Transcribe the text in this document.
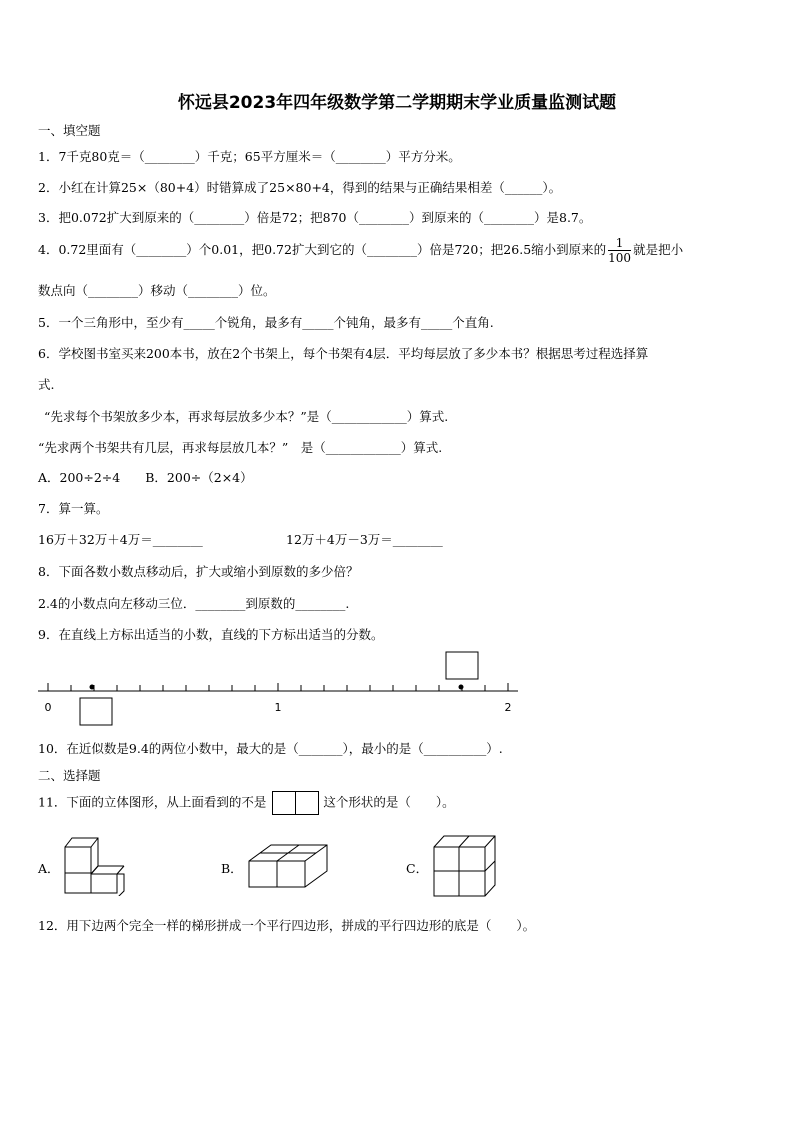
怀远县2023年四年级数学第二学期期末学业质量监测试题
一、填空题
1．7千克80克＝（________）千克；65平方厘米＝（________）平方分米。
2．小红在计算25×（80+4）时错算成了25×80+4，得到的结果与正确结果相差（______）。
3．把0.072扩大到原来的（________）倍是72；把870（________）到原来的（________）是8.7。
4．0.72里面有（________）个0.01，把0.72扩大到它的（________）倍是720；把26.5缩小到原来的 $\frac{1}{100}$ 就是把小
数点向（________）移动（________）位。
5．一个三角形中，至少有_____个锐角，最多有_____个钝角，最多有_____个直角.
6．学校图书室买来200本书，放在2个书架上，每个书架有4层．平均每层放了多少本书？根据思考过程选择算
式.
“先求每个书架放多少本，再求每层放多少本？”是（____________）算式.
“先求两个书架共有几层，再求每层放几本？”　是（____________）算式.
A．200÷2÷4　　B．200÷（2×4）
7．算一算。
16万＋32万＋4万＝________	12万＋4万－3万＝________
8．下面各数小数点移动后，扩大或缩小到原数的多少倍？
2.4的小数点向左移动三位．________到原数的________.
9．在直线上方标出适当的小数，直线的下方标出适当的分数。
0	1	2
10．在近似数是9.4的两位小数中，最大的是（_______），最小的是（__________）.
二、选择题
11．下面的立体图形，从上面看到的不是	这个形状的是（　　）。
A．	B．	C．
12．用下边两个完全一样的梯形拼成一个平行四边形，拼成的平行四边形的底是（　　）。
